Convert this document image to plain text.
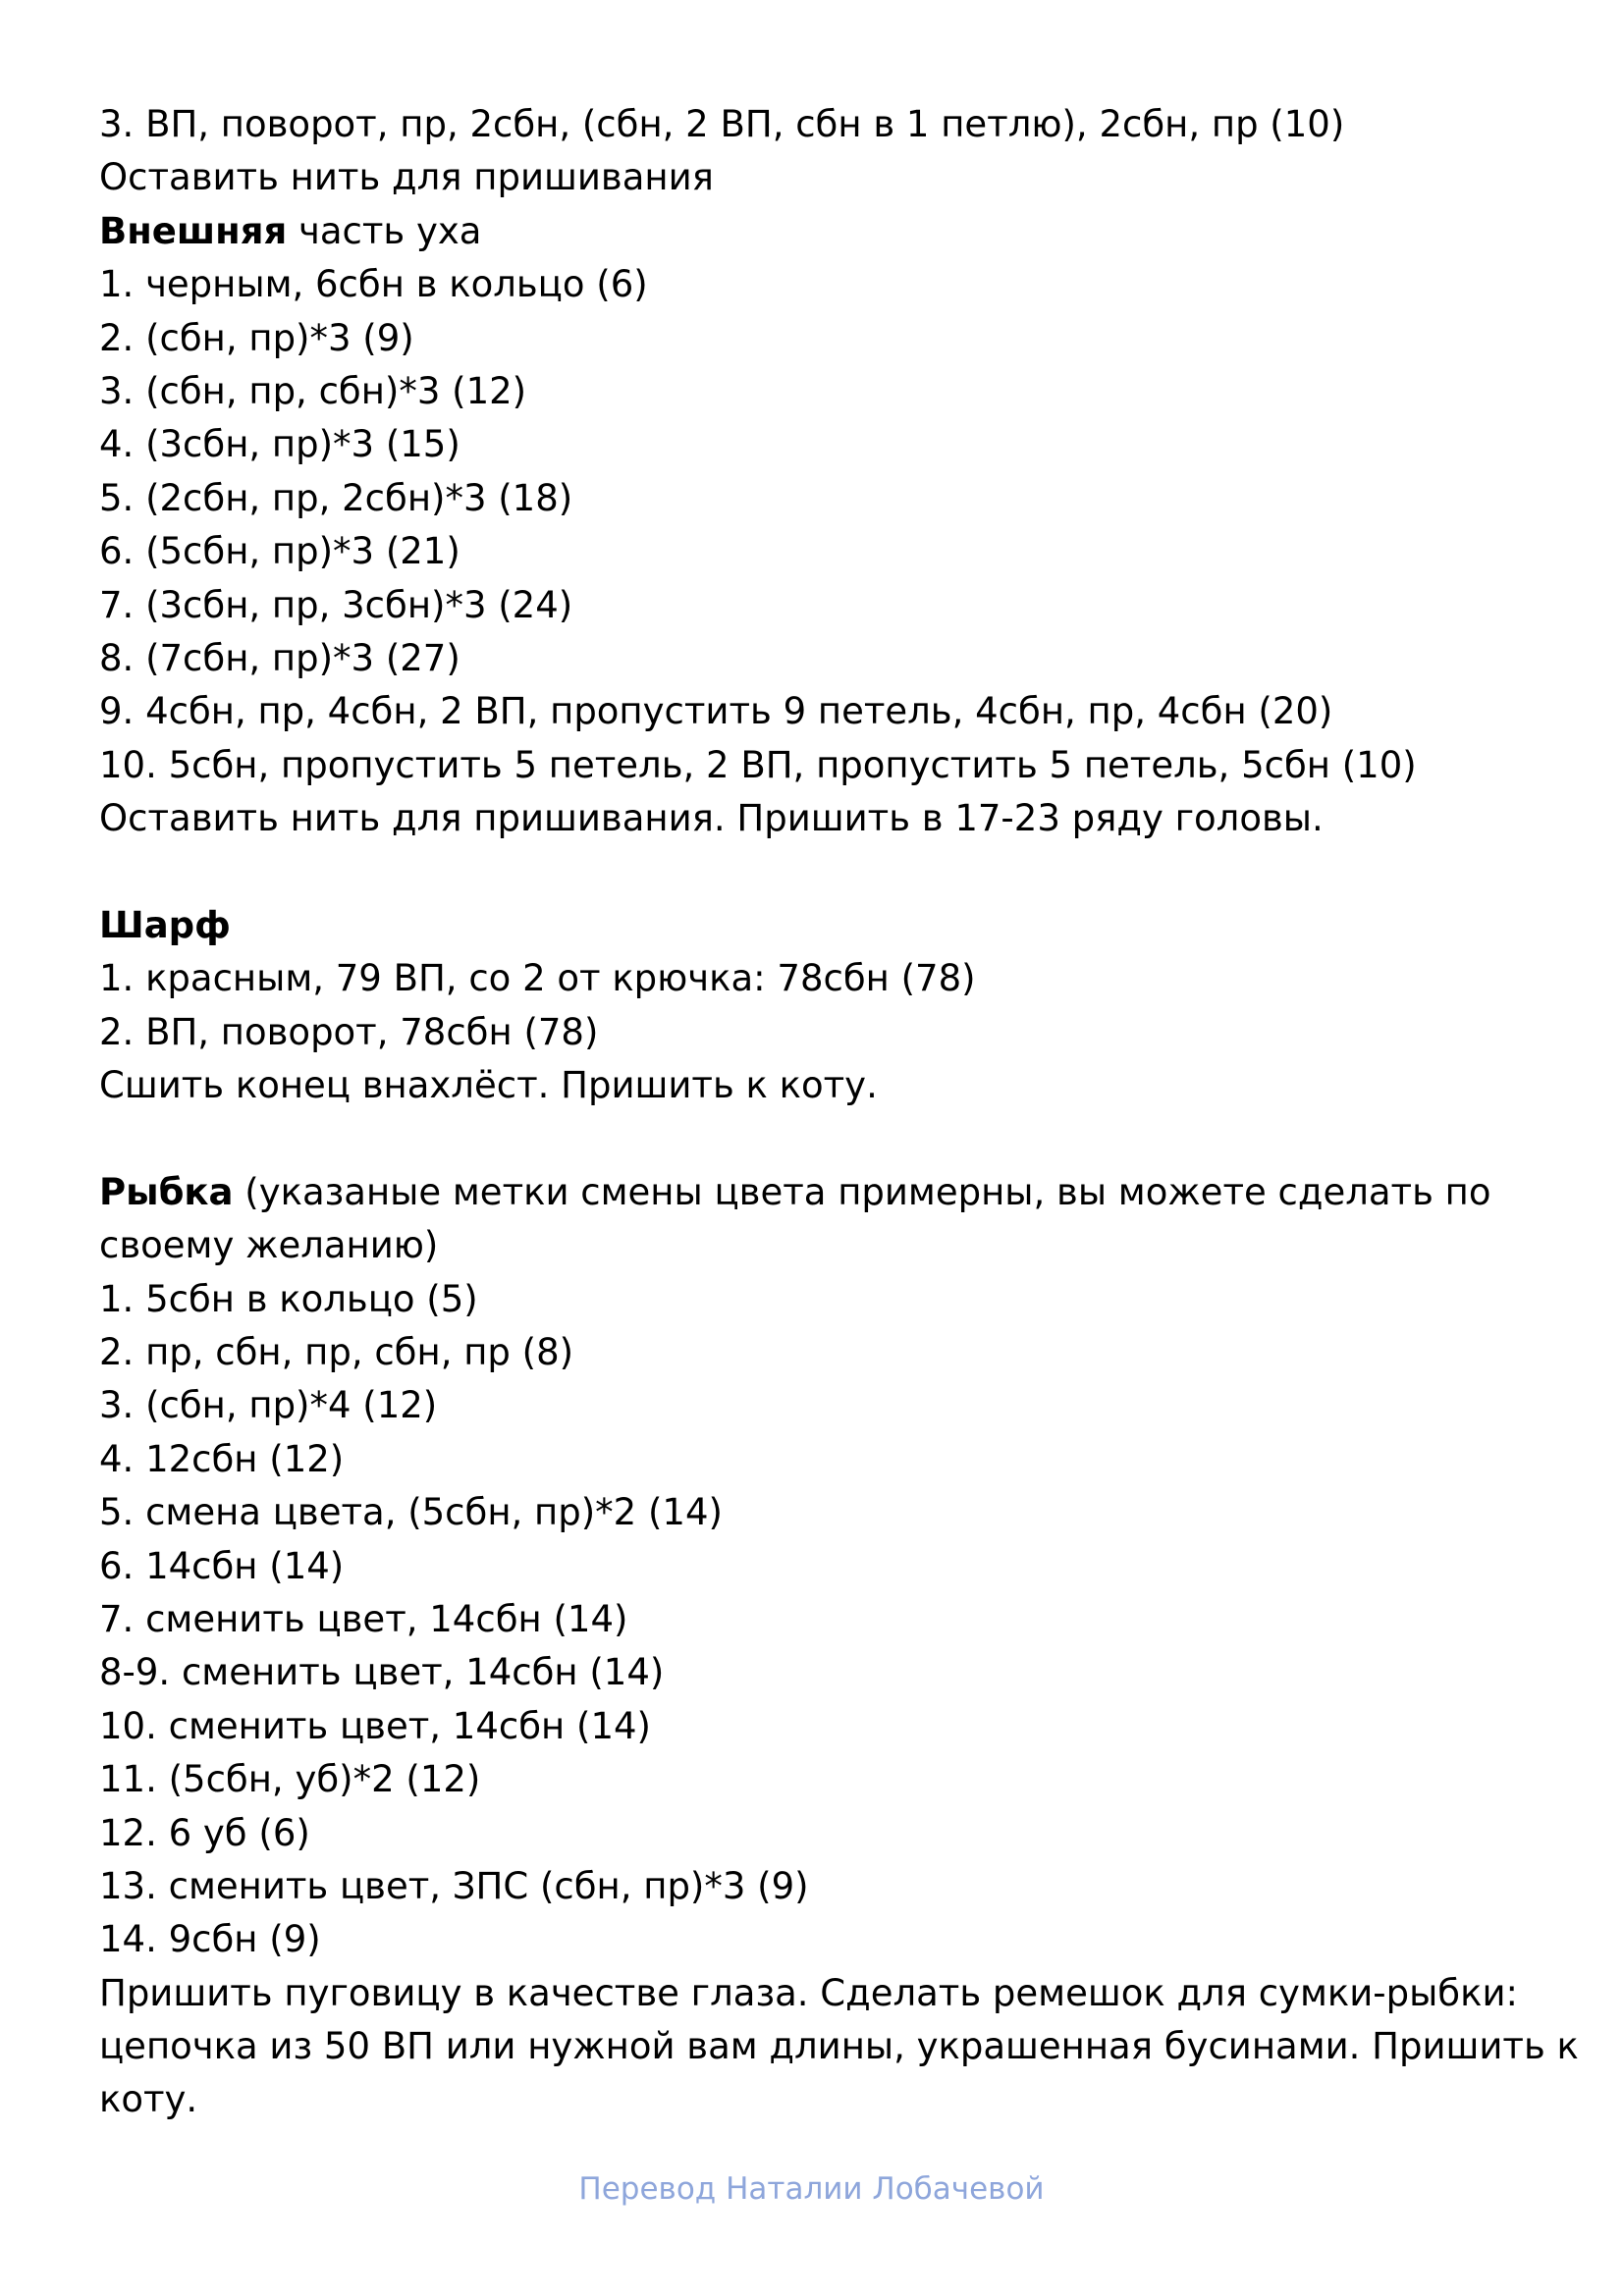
3. ВП, поворот, пр, 2сбн, (сбн, 2 ВП, сбн в 1 петлю), 2сбн, пр (10)
Оставить нить для пришивания
Внешняя часть уха
1. черным, 6сбн в кольцо (6)
2. (сбн, пр)*3 (9)
3. (сбн, пр, сбн)*3 (12)
4. (3сбн, пр)*3 (15)
5. (2сбн, пр, 2сбн)*3 (18)
6. (5сбн, пр)*3 (21)
7. (3сбн, пр, 3сбн)*3 (24)
8. (7сбн, пр)*3 (27)
9. 4сбн, пр, 4сбн, 2 ВП, пропустить 9 петель, 4сбн, пр, 4сбн (20)
10. 5сбн, пропустить 5 петель, 2 ВП, пропустить 5 петель, 5сбн (10)
Оставить нить для пришивания. Пришить в 17-23 ряду головы.
Шарф
1. красным, 79 ВП, со 2 от крючка: 78сбн (78)
2. ВП, поворот, 78сбн (78)
Сшить конец внахлёст. Пришить к коту.
Рыбка (указаные метки смены цвета примерны, вы можете сделать по
своему желанию)
1. 5сбн в кольцо (5)
2. пр, сбн, пр, сбн, пр (8)
3. (сбн, пр)*4 (12)
4. 12сбн (12)
5. смена цвета, (5сбн, пр)*2 (14)
6. 14сбн (14)
7. сменить цвет, 14сбн (14)
8-9. сменить цвет, 14сбн (14)
10. сменить цвет, 14сбн (14)
11. (5сбн, уб)*2 (12)
12. 6 уб (6)
13. сменить цвет, ЗПС (сбн, пр)*3 (9)
14. 9сбн (9)
Пришить пуговицу в качестве глаза. Сделать ремешок для сумки-рыбки:
цепочка из 50 ВП или нужной вам длины, украшенная бусинами. Пришить к
коту.
Перевод Наталии Лобачевой
